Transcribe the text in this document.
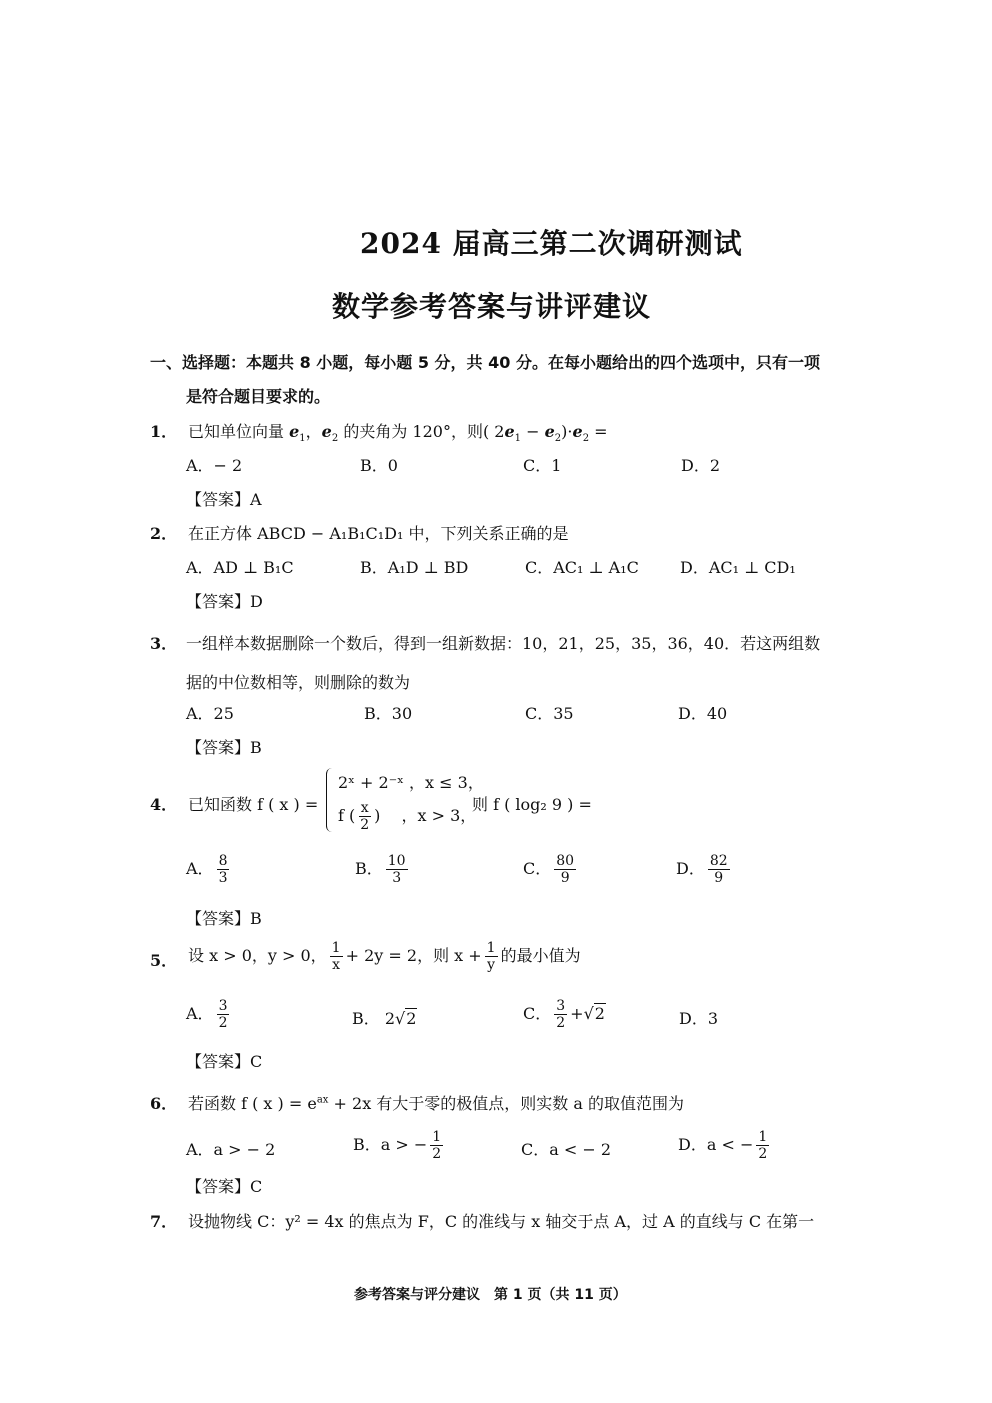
2024 届高三第二次调研测试
数学参考答案与讲评建议
一、选择题：本题共 8 小题，每小题 5 分，共 40 分。在每小题给出的四个选项中，只有一项
是符合题目要求的。
1． 已知单位向量 $e_1$，$e_2$ 的夹角为 120°，则( $2e_1 - e_2)\cdot e_2$ =
A．− 2	B．0	C．1	D．2
【答案】A
2． 在正方体 ABCD − A₁B₁C₁D₁ 中，下列关系正确的是
A．AD ⊥ B₁C	B．A₁D ⊥ BD	C．AC₁ ⊥ A₁C	D．AC₁ ⊥ CD₁
【答案】D
3． 一组样本数据删除一个数后，得到一组新数据：10，21，25，35，36，40．若这两组数
据的中位数相等，则删除的数为
A．25	B．30	C．35	D．40
【答案】B
4． 已知函数 f ( x ) =
2ˣ + 2⁻ˣ ，x ≤ 3，
f ( $\frac{x}{2}$ )　 ，x > 3，
则 f ( log₂ 9 ) =
A． $\frac{8}{3}$	B． $\frac{10}{3}$	C． $\frac{80}{9}$	D． $\frac{82}{9}$
【答案】B
5． 设 x > 0，y > 0， $\frac{1}{x} + 2y = 2$，则 $x + \frac{1}{y}$ 的最小值为
A． $\frac{3}{2}$	B． 2√2	C． $\frac{3}{2} +√2$	D．3
【答案】C
6． 若函数 f ( x ) = $e^{ax} + 2x$ 有大于零的极值点，则实数 a 的取值范围为
A．a > − 2	B．a > − $\frac{1}{2}$	C．a < − 2	D．a < − $\frac{1}{2}$
【答案】C
7． 设抛物线 C：y² = 4x 的焦点为 F，C 的准线与 x 轴交于点 A，过 A 的直线与 C 在第一
参考答案与评分建议　第 1 页（共 11 页）
